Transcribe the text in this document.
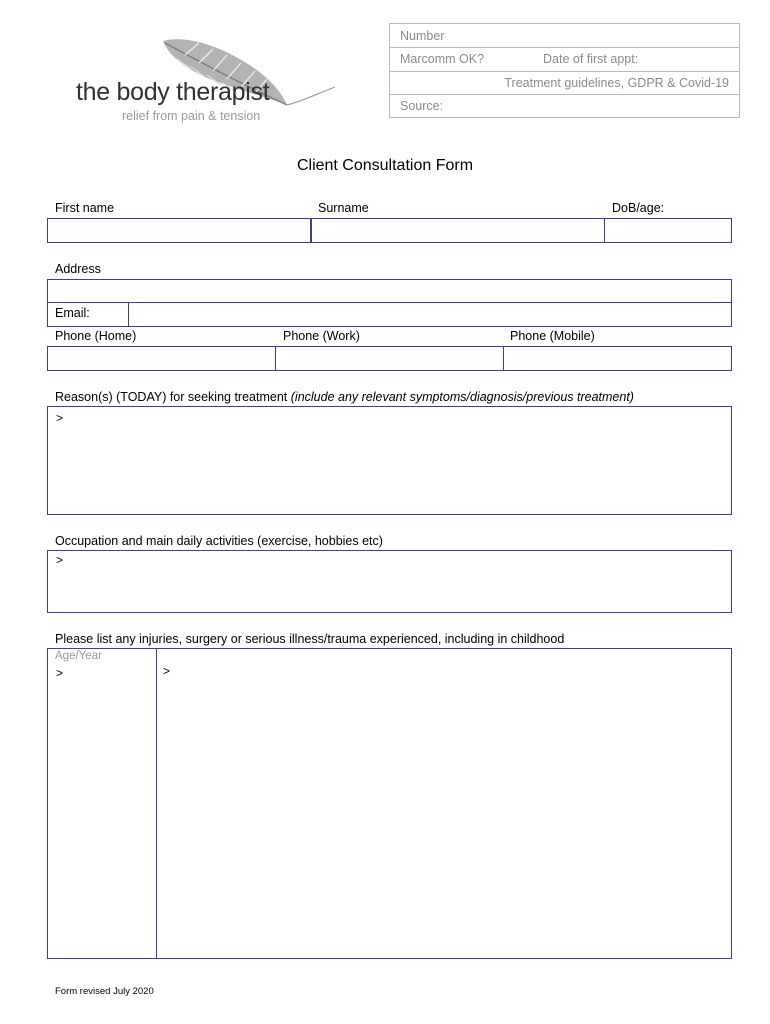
the body therapist
relief from pain & tension
Number
Marcomm OK?	Date of first appt:
Treatment guidelines, GDPR & Covid-19
Source:
Client Consultation Form
First name	Surname	DoB/age:
Address
Email:
Phone (Home)	Phone (Work)	Phone (Mobile)
Reason(s) (TODAY) for seeking treatment (include any relevant symptoms/diagnosis/previous treatment)
>
Occupation and main daily activities (exercise, hobbies etc)
>
Please list any injuries, surgery or serious illness/trauma experienced, including in childhood
Age/Year
>	>
Form revised July 2020
